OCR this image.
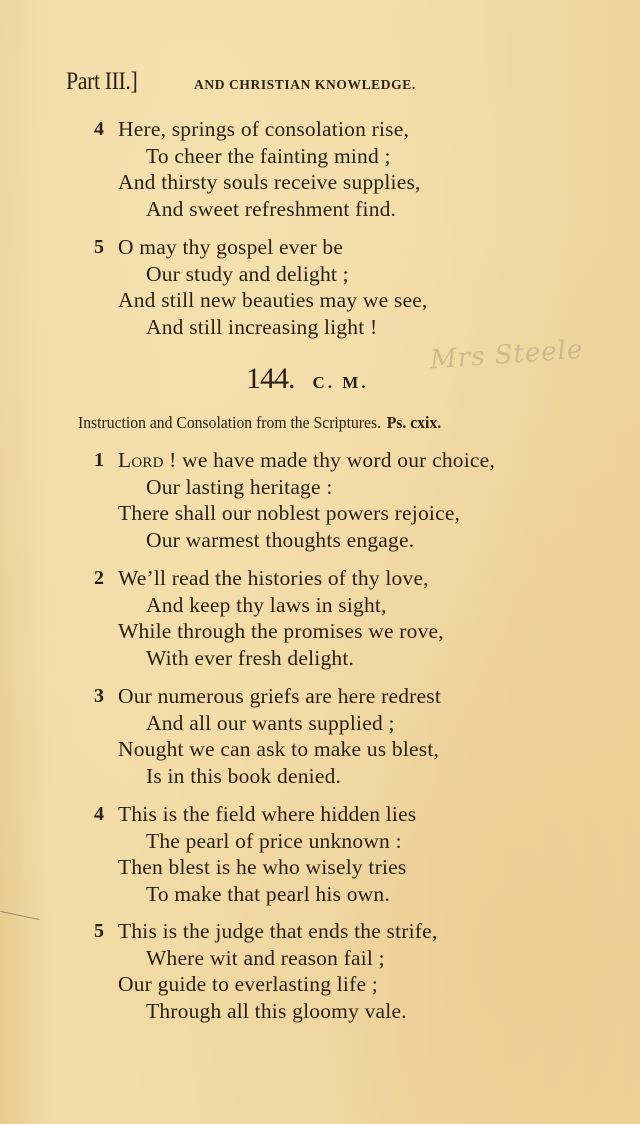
Part III.]	AND CHRISTIAN KNOWLEDGE.
4 Here, springs of consolation rise,
To cheer the fainting mind ;
And thirsty souls receive supplies,
And sweet refreshment find.
5 O may thy gospel ever be
Our study and delight ;
And still new beauties may we see,
And still increasing light !
Mrs Steele
144. C. M.
Instruction and Consolation from the Scriptures. Ps. cxix.
1 Lord ! we have made thy word our choice,
Our lasting heritage :
There shall our noblest powers rejoice,
Our warmest thoughts engage.
2 We’ll read the histories of thy love,
And keep thy laws in sight,
While through the promises we rove,
With ever fresh delight.
3 Our numerous griefs are here redrest
And all our wants supplied ;
Nought we can ask to make us blest,
Is in this book denied.
4 This is the field where hidden lies
The pearl of price unknown :
Then blest is he who wisely tries
To make that pearl his own.
5 This is the judge that ends the strife,
Where wit and reason fail ;
Our guide to everlasting life ;
Through all this gloomy vale.
